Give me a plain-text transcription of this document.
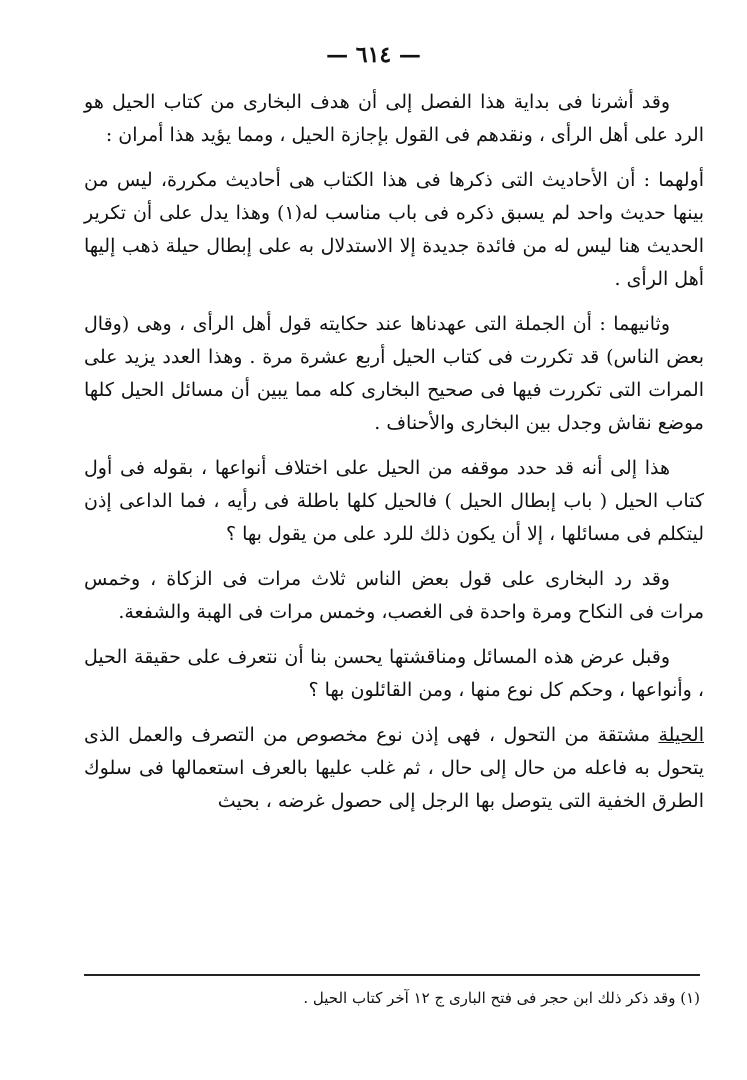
— ٦١٤ —

وقد أشرنا فى بداية هذا الفصل إلى أن هدف البخارى من كتاب الحيل هو الرد على أهل الرأى ، ونقدهم فى القول بإجازة الحيل ، ومما يؤيد هذا أمران :

أولهما : أن الأحاديث التى ذكرها فى هذا الكتاب هى أحاديث مكررة، ليس من بينها حديث واحد لم يسبق ذكره فى باب مناسب له(١) وهذا يدل على أن تكرير الحديث هنا ليس له من فائدة جديدة إلا الاستدلال به على إبطال حيلة ذهب إليها أهل الرأى .

وثانيهما : أن الجملة التى عهدناها عند حكايته قول أهل الرأى ، وهى (وقال بعض الناس) قد تكررت فى كتاب الحيل أربع عشرة مرة . وهذا العدد يزيد على المرات التى تكررت فيها فى صحيح البخارى كله مما يبين أن مسائل الحيل كلها موضع نقاش وجدل بين البخارى والأحناف .

هذا إلى أنه قد حدد موقفه من الحيل على اختلاف أنواعها ، بقوله فى أول كتاب الحيل ( باب إبطال الحيل ) فالحيل كلها باطلة فى رأيه ، فما الداعى إذن ليتكلم فى مسائلها ، إلا أن يكون ذلك للرد على من يقول بها ؟

وقد رد البخارى على قول بعض الناس ثلاث مرات فى الزكاة ، وخمس مرات فى النكاح ومرة واحدة فى الغصب، وخمس مرات فى الهبة والشفعة.

وقبل عرض هذه المسائل ومناقشتها يحسن بنا أن نتعرف على حقيقة الحيل ، وأنواعها ، وحكم كل نوع منها ، ومن القائلون بها ؟

الحيلة مشتقة من التحول ، فهى إذن نوع مخصوص من التصرف والعمل الذى يتحول به فاعله من حال إلى حال ، ثم غلب عليها بالعرف استعمالها فى سلوك الطرق الخفية التى يتوصل بها الرجل إلى حصول غرضه ، بحيث

(١) وقد ذكر ذلك ابن حجر فى فتح البارى ج ١٢ آخر كتاب الحيل .
